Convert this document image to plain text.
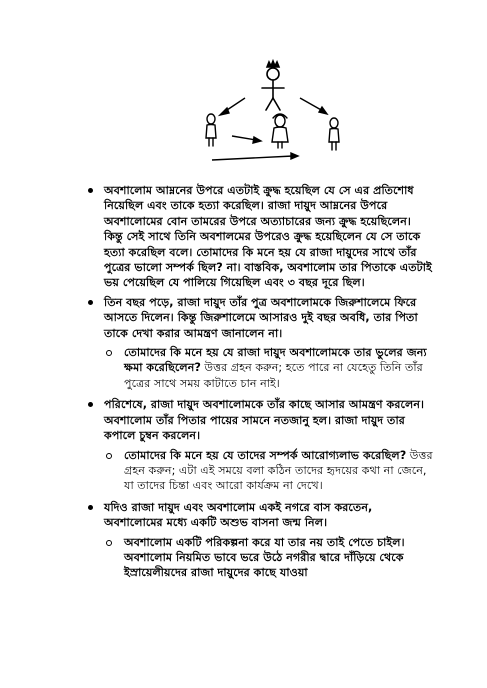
অবশালোম আম্ননের উপরে এতটাই ক্রুদ্ধ হয়েছিল যে সে এর প্রতিশোধ নিয়েছিল এবং তাকে হত্যা করেছিল। রাজা দায়ুদ আম্ননের উপরে অবশালোমের বোন তামরের উপরে অত্যাচারের জন্য ক্রুদ্ধ হয়েছিলেন। কিন্তু সেই সাথে তিনি অবশালমের উপরেও ক্রুদ্ধ হয়েছিলেন যে সে তাকে হত্যা করেছিল বলে। তোমাদের কি মনে হয় যে রাজা দায়ুদের সাথে তাঁর পুত্রের ভালো সম্পর্ক ছিল? না। বাস্তবিক, অবশালোম তার পিতাকে এতটাই ভয় পেয়েছিল যে পালিয়ে গিয়েছিল এবং ৩ বছর দূরে ছিল।
তিন বছর পড়ে, রাজা দায়ুদ তাঁর পুত্র অবশালোমকে জিরুশালেমে ফিরে আসতে দিলেন। কিন্তু জিরুশালেমে আসারও দুই বছর অবধি, তার পিতা তাকে দেখা করার আমন্ত্রণ জানালেন না।
তোমাদের কি মনে হয় যে রাজা দায়ুদ অবশালোমকে তার ভুলের জন্য ক্ষমা করেছিলেন? উত্তর গ্রহন করুন; হতে পারে না যেহেতু তিনি তাঁর পুত্রের সাথে সময় কাটাতে চান নাই।
পরিশেষে, রাজা দায়ুদ অবশালোমকে তাঁর কাছে আসার আমন্ত্রণ করলেন। অবশালোম তাঁর পিতার পায়ের সামনে নতজানু হল। রাজা দায়ুদ তার কপালে চুম্বন করলেন।
তোমাদের কি মনে হয় যে তাদের সম্পর্ক আরোগ্যলাভ করেছিল? উত্তর গ্রহন করুন; এটা এই সময়ে বলা কঠিন তাদের হৃদয়ের কথা না জেনে, যা তাদের চিন্তা এবং আরো কার্যক্রম না দেখে।
যদিও রাজা দায়ুদ এবং অবশালোম একই নগরে বাস করতেন, অবশালোমের মধ্যে একটি অশুভ বাসনা জন্ম নিল।
অবশালোম একটি পরিকল্পনা করে যা তার নয় তাই পেতে চাইল। অবশালোম নিয়মিত ভাবে ভরে উঠে নগরীর দ্বারে দাঁড়িয়ে থেকে ইস্রায়েলীয়দের রাজা দায়ুদের কাছে যাওয়া
